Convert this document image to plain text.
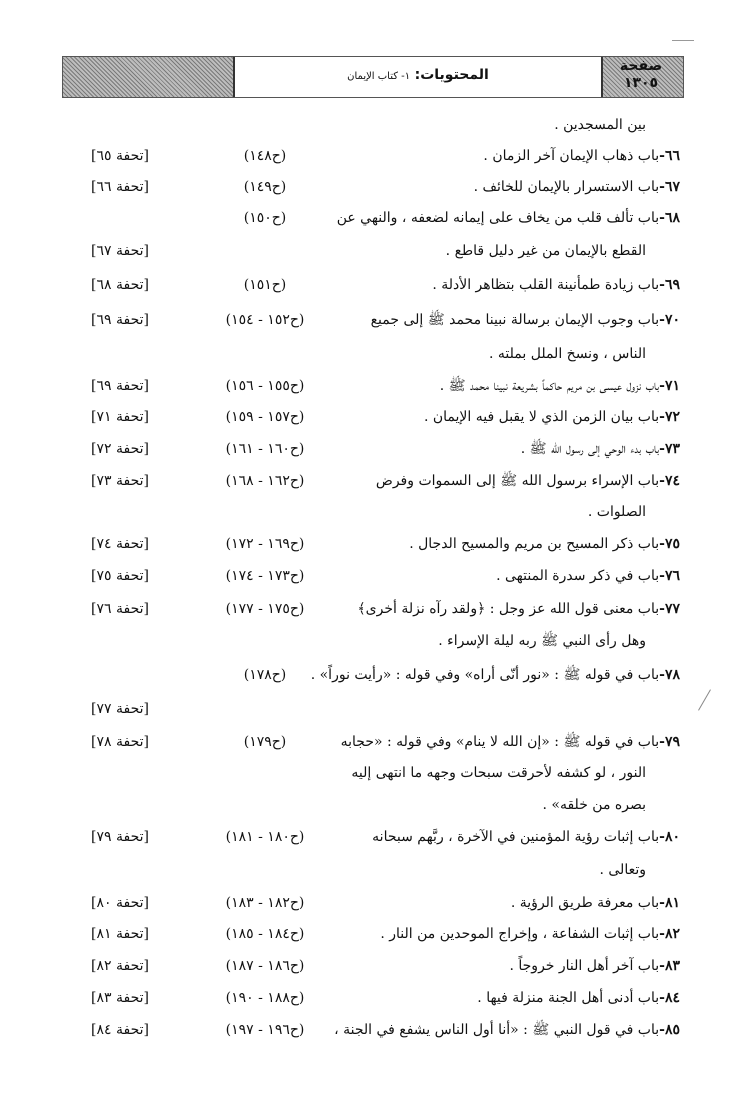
المحتويات: ١- كتاب الإيمان
صفحة
١٣٠٥
بين المسجدين .
٦٦-باب ذهاب الإيمان آخر الزمان .
(ح١٤٨)
[تحفة ٦٥]
٦٧-باب الاستسرار بالإيمان للخائف .
(ح١٤٩)
[تحفة ٦٦]
٦٨-باب تألف قلب من يخاف على إيمانه لضعفه ، والنهي عن
(ح١٥٠)
القطع بالإيمان من غير دليل قاطع .
[تحفة ٦٧]
٦٩-باب زيادة طمأنينة القلب بتظاهر الأدلة .
(ح١٥١)
[تحفة ٦٨]
٧٠-باب وجوب الإيمان برسالة نبينا محمد ﷺ إلى جميع
(ح١٥٢ - ١٥٤)
[تحفة ٦٩]
الناس ، ونسخ الملل بملته .
٧١-باب نزول عيسى بن مريم حاكماً بشريعة نبينا محمد ﷺ .
(ح١٥٥ - ١٥٦)
[تحفة ٦٩]
٧٢-باب بيان الزمن الذي لا يقبل فيه الإيمان .
(ح١٥٧ - ١٥٩)
[تحفة ٧١]
٧٣-باب بدء الوحي إلى رسول الله ﷺ .
(ح١٦٠ - ١٦١)
[تحفة ٧٢]
٧٤-باب الإسراء برسول الله ﷺ إلى السموات وفرض
(ح١٦٢ - ١٦٨)
[تحفة ٧٣]
الصلوات .
٧٥-باب ذكر المسيح بن مريم والمسيح الدجال .
(ح١٦٩ - ١٧٢)
[تحفة ٧٤]
٧٦-باب في ذكر سدرة المنتهى .
(ح١٧٣ - ١٧٤)
[تحفة ٧٥]
٧٧-باب معنى قول الله عز وجل : ﴿ولقد رآه نزلة أخرى﴾
(ح١٧٥ - ١٧٧)
[تحفة ٧٦]
وهل رأى النبي ﷺ ربه ليلة الإسراء .
٧٨-باب في قوله ﷺ : «نور أنّى أراه» وفي قوله : «رأيت نوراً» .
(ح١٧٨)
[تحفة ٧٧]
٧٩-باب في قوله ﷺ : «إن الله لا ينام» وفي قوله : «حجابه
(ح١٧٩)
[تحفة ٧٨]
النور ، لو كشفه لأحرقت سبحات وجهه ما انتهى إليه
بصره من خلقه» .
٨٠-باب إثبات رؤية المؤمنين في الآخرة ، ربَّهم سبحانه
(ح١٨٠ - ١٨١)
[تحفة ٧٩]
وتعالى .
٨١-باب معرفة طريق الرؤية .
(ح١٨٢ - ١٨٣)
[تحفة ٨٠]
٨٢-باب إثبات الشفاعة ، وإخراج الموحدين من النار .
(ح١٨٤ - ١٨٥)
[تحفة ٨١]
٨٣-باب آخر أهل النار خروجاً .
(ح١٨٦ - ١٨٧)
[تحفة ٨٢]
٨٤-باب أدنى أهل الجنة منزلة فيها .
(ح١٨٨ - ١٩٠)
[تحفة ٨٣]
٨٥-باب في قول النبي ﷺ : «أنا أول الناس يشفع في الجنة ،
(ح١٩٦ - ١٩٧)
[تحفة ٨٤]
